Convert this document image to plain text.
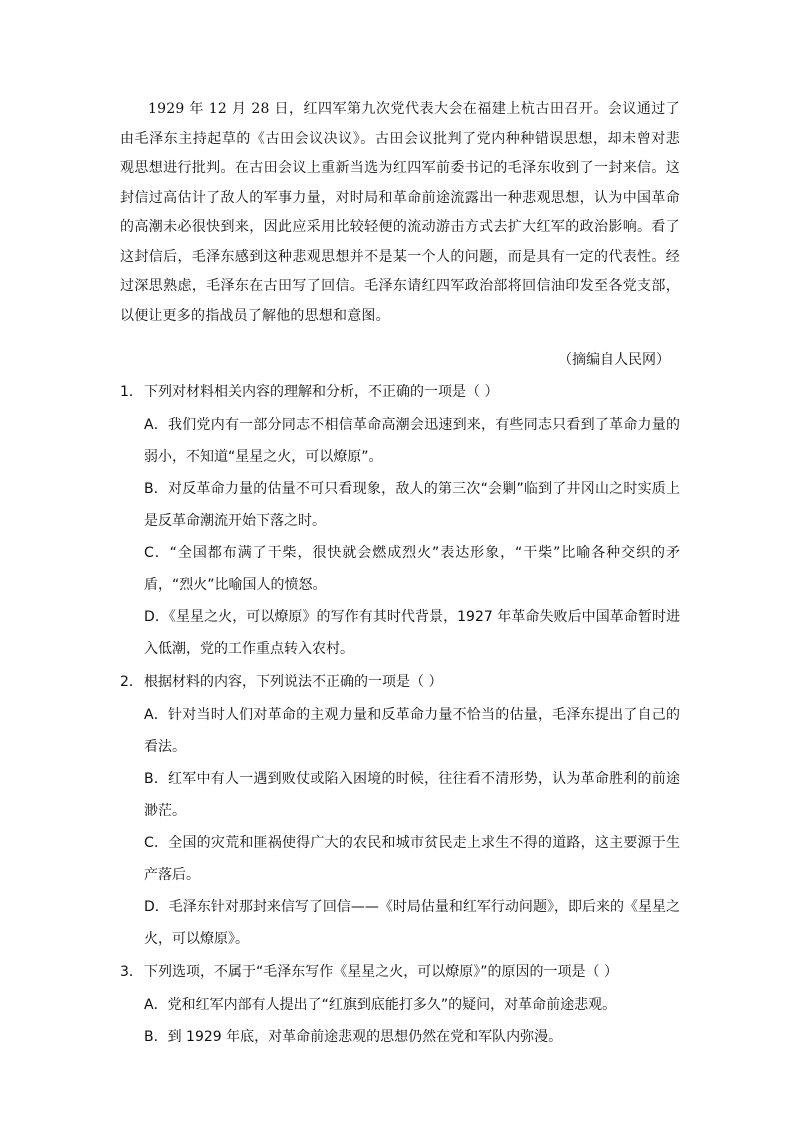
1929 年 12 月 28 日，红四军第九次党代表大会在福建上杭古田召开。会议通过了由毛泽东主持起草的《古田会议决议》。古田会议批判了党内种种错误思想，却未曾对悲观思想进行批判。在古田会议上重新当选为红四军前委书记的毛泽东收到了一封来信。这封信过高估计了敌人的军事力量，对时局和革命前途流露出一种悲观思想，认为中国革命的高潮未必很快到来，因此应采用比较轻便的流动游击方式去扩大红军的政治影响。看了这封信后，毛泽东感到这种悲观思想并不是某一个人的问题，而是具有一定的代表性。经过深思熟虑，毛泽东在古田写了回信。毛泽东请红四军政治部将回信油印发至各党支部，以便让更多的指战员了解他的思想和意图。

（摘编自人民网）
1． 下列对材料相关内容的理解和分析，不正确的一项是（ ）

A．我们党内有一部分同志不相信革命高潮会迅速到来，有些同志只看到了革命力量的弱小，不知道“星星之火，可以燎原”。

B．对反革命力量的估量不可只看现象，敌人的第三次“会剿”临到了井冈山之时实质上是反革命潮流开始下落之时。

C．“全国都布满了干柴，很快就会燃成烈火”表达形象，“干柴”比喻各种交织的矛盾，“烈火”比喻国人的愤怒。

D．《星星之火，可以燎原》的写作有其时代背景，1927 年革命失败后中国革命暂时进入低潮，党的工作重点转入农村。

2． 根据材料的内容，下列说法不正确的一项是（ ）

A．针对当时人们对革命的主观力量和反革命力量不恰当的估量，毛泽东提出了自己的看法。

B．红军中有人一遇到败仗或陷入困境的时候，往往看不清形势，认为革命胜利的前途渺茫。

C．全国的灾荒和匪祸使得广大的农民和城市贫民走上求生不得的道路，这主要源于生产落后。

D．毛泽东针对那封来信写了回信——《时局估量和红军行动问题》，即后来的《星星之火，可以燎原》。

3． 下列选项，不属于“毛泽东写作《星星之火，可以燎原》”的原因的一项是（ ）

A．党和红军内部有人提出了“红旗到底能打多久”的疑问，对革命前途悲观。

B．到 1929 年底，对革命前途悲观的思想仍然在党和军队内弥漫。
